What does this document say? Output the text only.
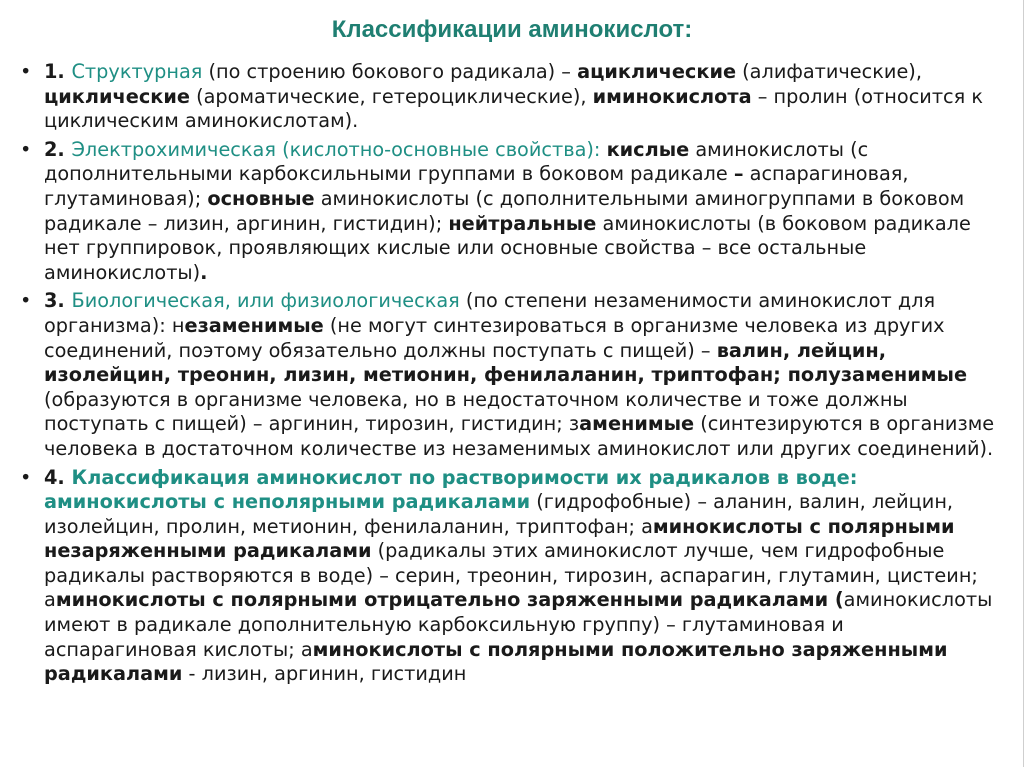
Классификации аминокислот:
• 1. Структурная (по строению бокового радикала) – ациклические (алифатические), циклические (ароматические, гетероциклические), иминокислота – пролин (относится к циклическим аминокислотам).
• 2. Электрохимическая (кислотно-основные свойства): кислые аминокислоты (с дополнительными карбоксильными группами в боковом радикале – аспарагиновая, глутаминовая); основные аминокислоты (с дополнительными аминогруппами в боковом радикале – лизин, аргинин, гистидин); нейтральные аминокислоты (в боковом радикале нет группировок, проявляющих кислые или основные свойства – все остальные аминокислоты).
• 3. Биологическая, или физиологическая (по степени незаменимости аминокислот для организма): незаменимые (не могут синтезироваться в организме человека из других соединений, поэтому обязательно должны поступать с пищей) – валин, лейцин, изолейцин, треонин, лизин, метионин, фенилаланин, триптофан; полузаменимые (образуются в организме человека, но в недостаточном количестве и тоже должны поступать с пищей) – аргинин, тирозин, гистидин; заменимые (синтезируются в организме человека в достаточном количестве из незаменимых аминокислот или других соединений).
• 4. Классификация аминокислот по растворимости их радикалов в воде: аминокислоты с неполярными радикалами (гидрофобные) – аланин, валин, лейцин, изолейцин, пролин, метионин, фенилаланин, триптофан; аминокислоты с полярными незаряженными радикалами (радикалы этих аминокислот лучше, чем гидрофобные радикалы растворяются в воде) – серин, треонин, тирозин, аспарагин, глутамин, цистеин; аминокислоты с полярными отрицательно заряженными радикалами (аминокислоты имеют в радикале дополнительную карбоксильную группу) – глутаминовая и аспарагиновая кислоты; аминокислоты с полярными положительно заряженными радикалами - лизин, аргинин, гистидин
